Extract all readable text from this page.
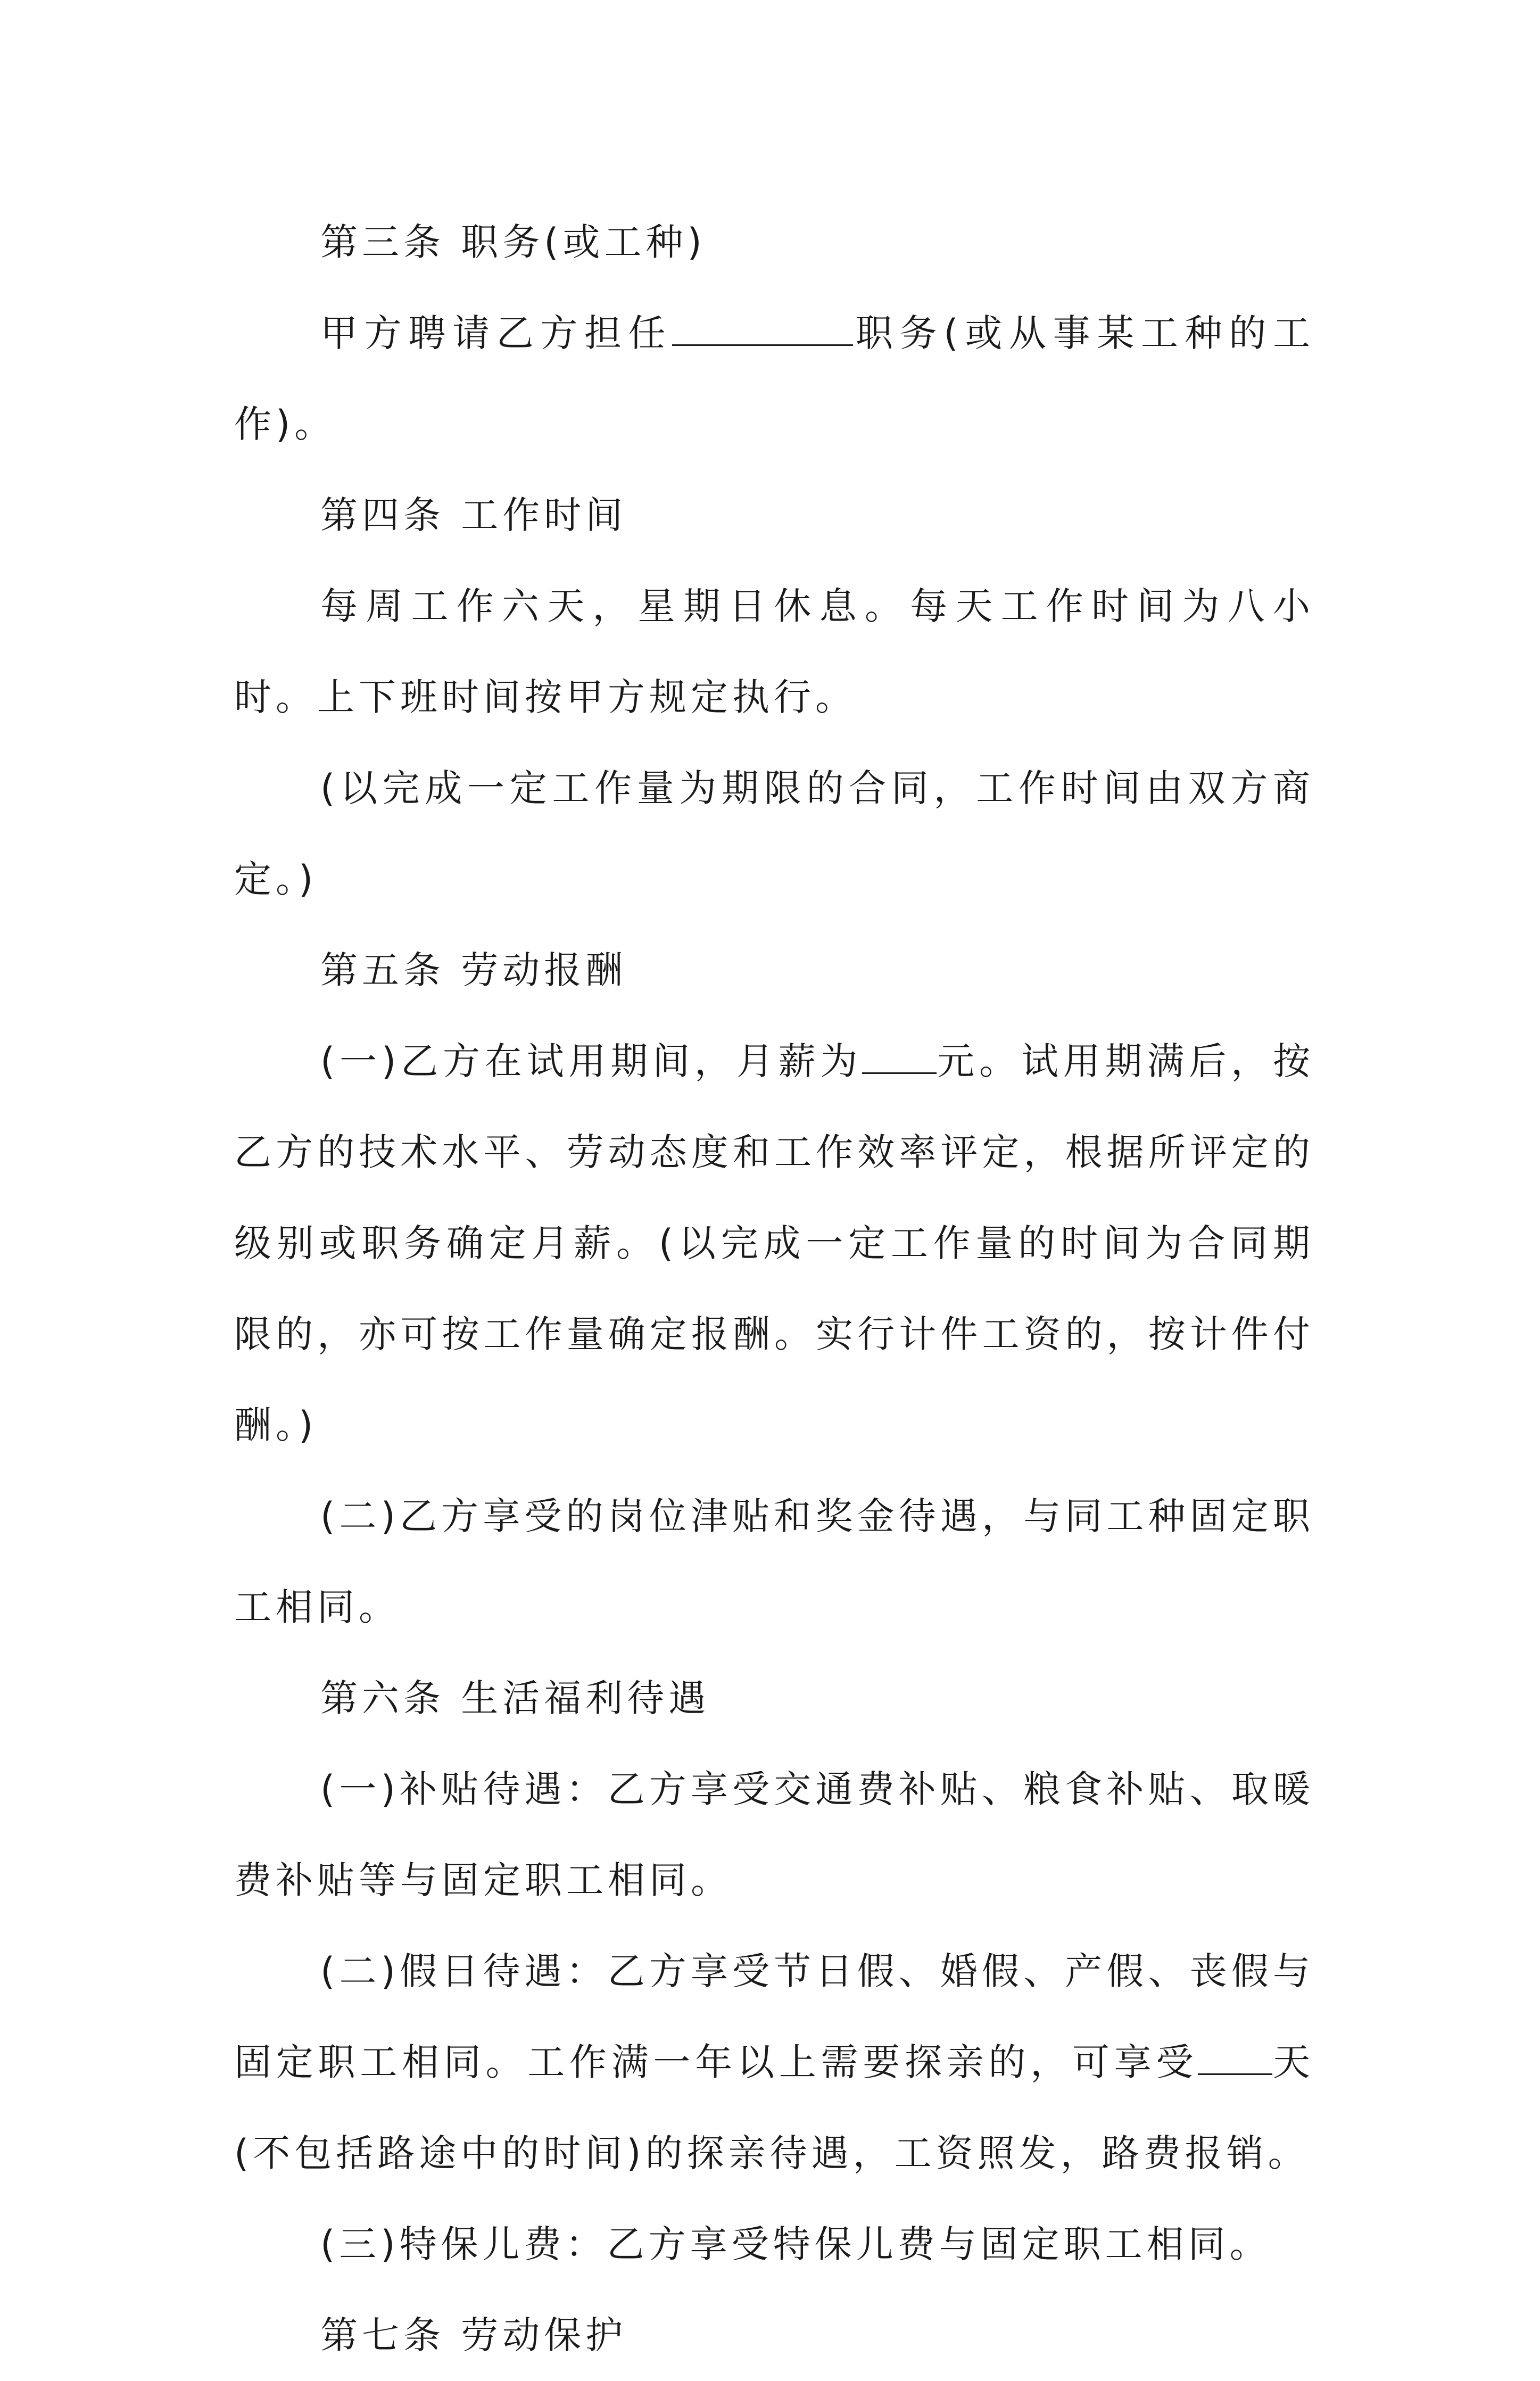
第三条 职务(或工种)

甲方聘请乙方担任	职务(或从事某工种的工作)。

第四条 工作时间

每周工作六天，星期日休息。每天工作时间为八小时。上下班时间按甲方规定执行。

(以完成一定工作量为期限的合同，工作时间由双方商定。)

第五条 劳动报酬

(一)乙方在试用期间，月薪为 元。试用期满后，按乙方的技术水平、劳动态度和工作效率评定，根据所评定的级别或职务确定月薪。(以完成一定工作量的时间为合同期限的，亦可按工作量确定报酬。实行计件工资的，按计件付酬。)

(二)乙方享受的岗位津贴和奖金待遇，与同工种固定职工相同。

第六条 生活福利待遇

(一)补贴待遇：乙方享受交通费补贴、粮食补贴、取暖费补贴等与固定职工相同。

(二)假日待遇：乙方享受节日假、婚假、产假、丧假与固定职工相同。工作满一年以上需要探亲的，可享受 天(不包括路途中的时间)的探亲待遇，工资照发，路费报销。

(三)特保儿费：乙方享受特保儿费与固定职工相同。

第七条 劳动保护
